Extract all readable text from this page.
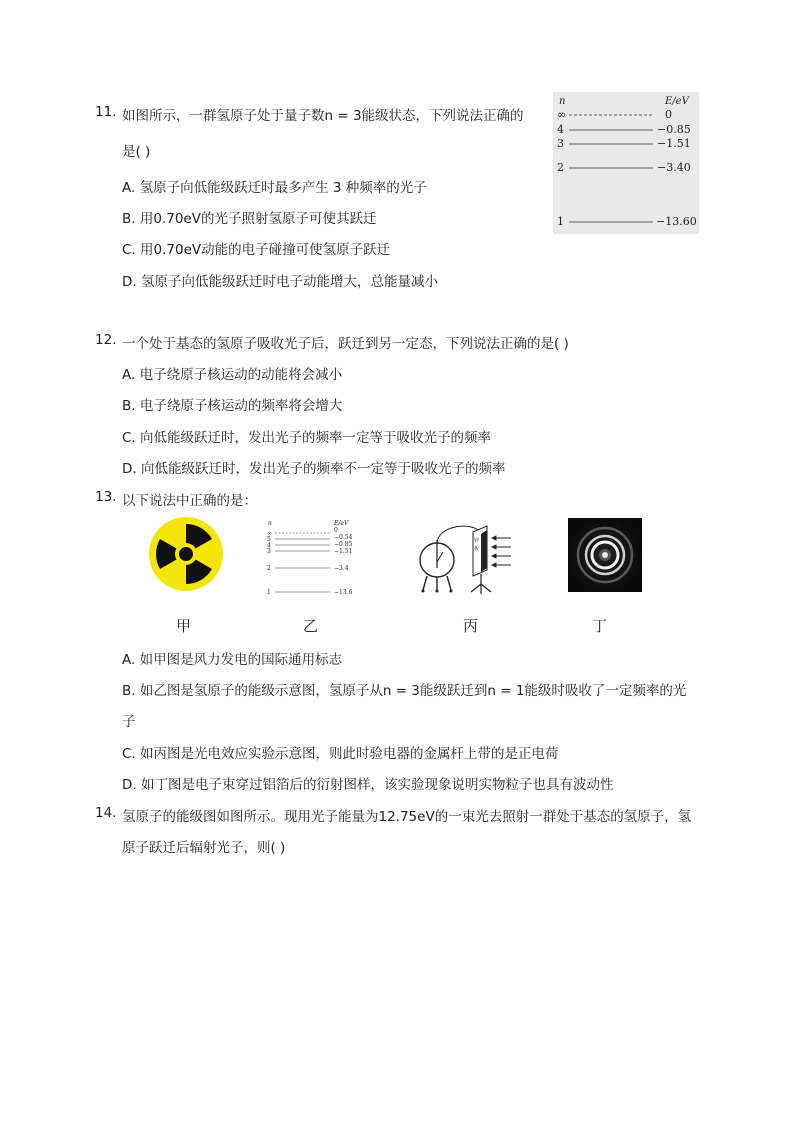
11. 如图所示，一群氢原子处于量子数n = 3能级状态，下列说法正确的
是( )
A. 氢原子向低能级跃迁时最多产生 3 种频率的光子
B. 用0.70eV的光子照射氢原子可使其跃迁
C. 用0.70eV动能的电子碰撞可使氢原子跃迁
D. 氢原子向低能级跃迁时电子动能增大，总能量减小
n	E/eV
∞	0
4	−0.85
3	−1.51
2	−3.40
1	−13.60
12. 一个处于基态的氢原子吸收光子后，跃迁到另一定态，下列说法正确的是( )
A. 电子绕原子核运动的动能将会减小
B. 电子绕原子核运动的频率将会增大
C. 向低能级跃迁时，发出光子的频率一定等于吸收光子的频率
D. 向低能级跃迁时，发出光子的频率不一定等于吸收光子的频率
13. 以下说法中正确的是：
n	E/eV
∞	0
5	−0.54
4	−0.85
3	−1.51
2	−3.4
1	−13.6
锌
板
甲	乙	丙	丁
A. 如甲图是风力发电的国际通用标志
B. 如乙图是氢原子的能级示意图，氢原子从n = 3能级跃迁到n = 1能级时吸收了一定频率的光
子
C. 如丙图是光电效应实验示意图，则此时验电器的金属杆上带的是正电荷
D. 如丁图是电子束穿过铝箔后的衍射图样，该实验现象说明实物粒子也具有波动性
14. 氢原子的能级图如图所示。现用光子能量为12.75eV的一束光去照射一群处于基态的氢原子，氢
原子跃迁后辐射光子，则( )
